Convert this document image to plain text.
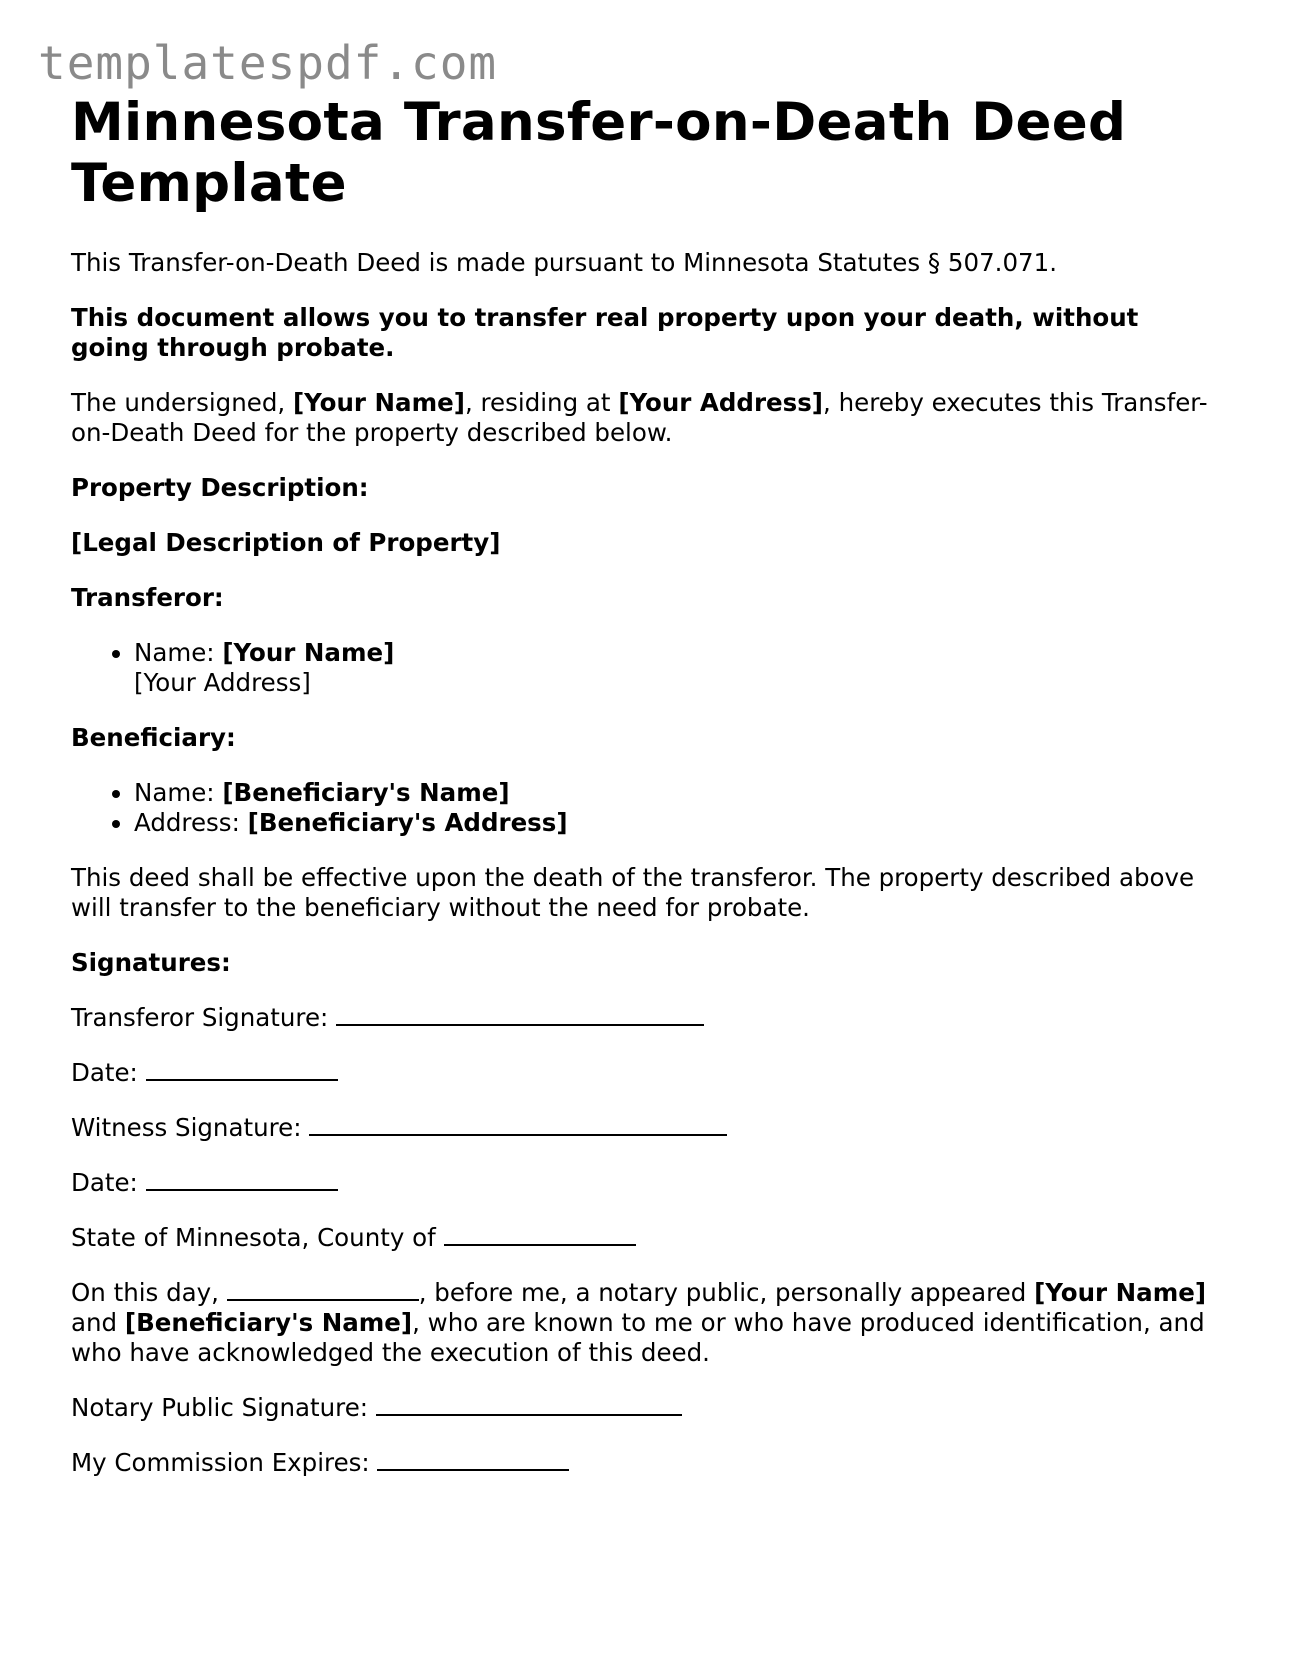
templatespdf.com
Minnesota Transfer-on-Death Deed Template

This Transfer-on-Death Deed is made pursuant to Minnesota Statutes § 507.071.

This document allows you to transfer real property upon your death, without going through probate.

The undersigned, [Your Name], residing at [Your Address], hereby executes this Transfer-on-Death Deed for the property described below.

Property Description:

[Legal Description of Property]

Transferor:

• Name: [Your Name]
[Your Address]

Beneficiary:

• Name: [Beneficiary's Name]
• Address: [Beneficiary's Address]

This deed shall be effective upon the death of the transferor. The property described above will transfer to the beneficiary without the need for probate.

Signatures:

Transferor Signature:

Date:

Witness Signature:

Date:

State of Minnesota, County of

On this day,	, before me, a notary public, personally appeared [Your Name] and [Beneficiary's Name], who are known to me or who have produced identification, and who have acknowledged the execution of this deed.

Notary Public Signature:

My Commission Expires:
